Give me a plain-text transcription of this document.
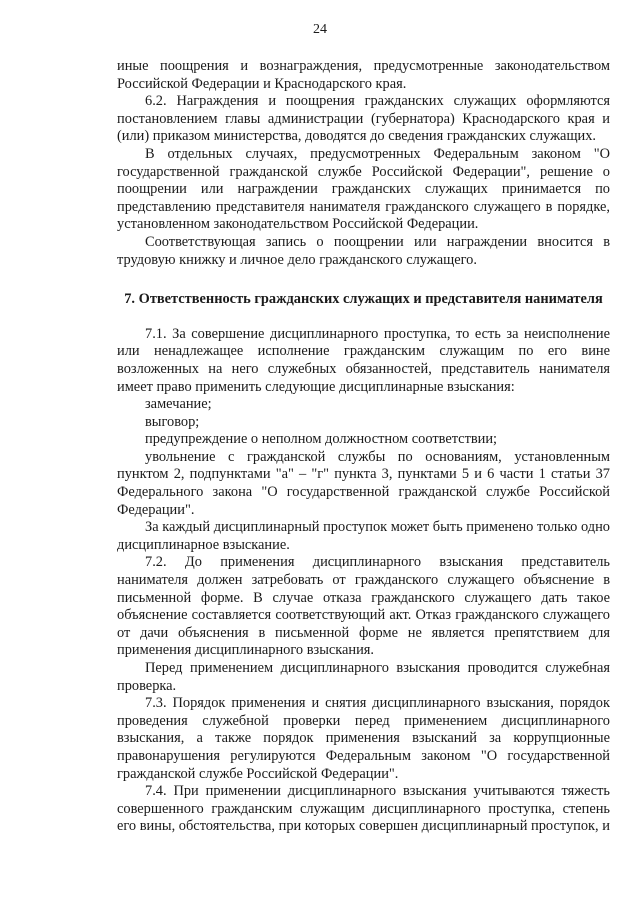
24

иные поощрения и вознаграждения, предусмотренные законодательством Российской Федерации и Краснодарского края.

6.2. Награждения и поощрения гражданских служащих оформляются постановлением главы администрации (губернатора) Краснодарского края и (или) приказом министерства, доводятся до сведения гражданских служащих.

В отдельных случаях, предусмотренных Федеральным законом "О государственной гражданской службе Российской Федерации", решение о поощрении или награждении гражданских служащих принимается по представлению представителя нанимателя гражданского служащего в порядке, установленном законодательством Российской Федерации.

Соответствующая запись о поощрении или награждении вносится в трудовую книжку и личное дело гражданского служащего.

7. Ответственность гражданских служащих и представителя нанимателя

7.1. За совершение дисциплинарного проступка, то есть за неисполнение или ненадлежащее исполнение гражданским служащим по его вине возложенных на него служебных обязанностей, представитель нанимателя имеет право применить следующие дисциплинарные взыскания:

замечание;

выговор;

предупреждение о неполном должностном соответствии;

увольнение с гражданской службы по основаниям, установленным пунктом 2, подпунктами "а" – "г" пункта 3, пунктами 5 и 6 части 1 статьи 37 Федерального закона "О государственной гражданской службе Российской Федерации".

За каждый дисциплинарный проступок может быть применено только одно дисциплинарное взыскание.

7.2. До применения дисциплинарного взыскания представитель нанимателя должен затребовать от гражданского служащего объяснение в письменной форме. В случае отказа гражданского служащего дать такое объяснение составляется соответствующий акт. Отказ гражданского служащего от дачи объяснения в письменной форме не является препятствием для применения дисциплинарного взыскания.

Перед применением дисциплинарного взыскания проводится служебная проверка.

7.3. Порядок применения и снятия дисциплинарного взыскания, порядок проведения служебной проверки перед применением дисциплинарного взыскания, а также порядок применения взысканий за коррупционные правонарушения регулируются Федеральным законом "О государственной гражданской службе Российской Федерации".

7.4. При применении дисциплинарного взыскания учитываются тяжесть совершенного гражданским служащим дисциплинарного проступка, степень его вины, обстоятельства, при которых совершен дисциплинарный проступок, и
